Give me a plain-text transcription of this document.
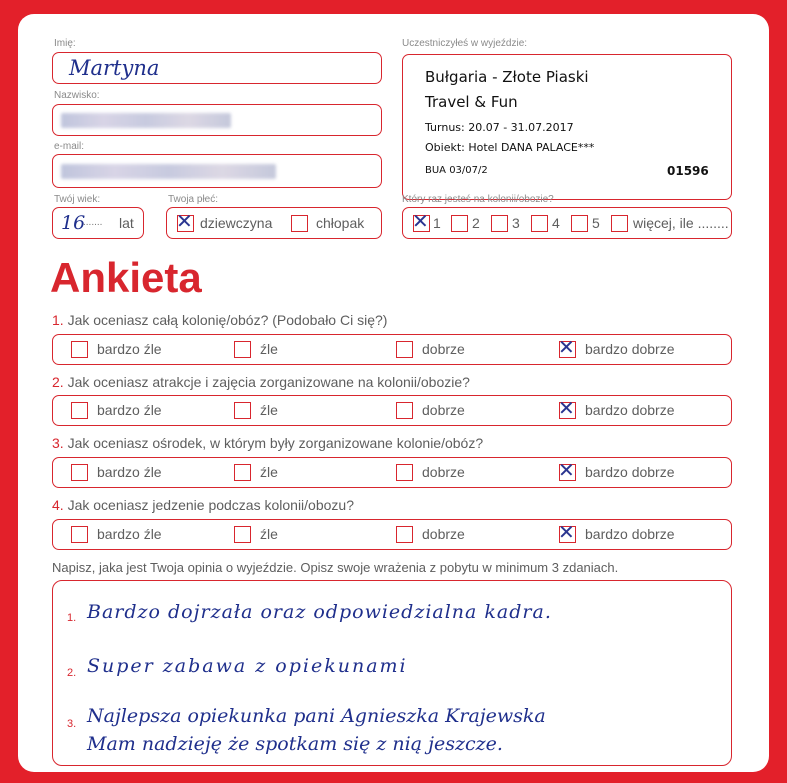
Imię:
Martyna
Nazwisko:
e-mail:
Uczestniczyłeś w wyjeździe:
Bułgaria - Złote Piaski
Travel & Fun
Turnus: 20.07 - 31.07.2017
Obiekt: Hotel DANA PALACE***
BUA 03/07/2	01596
Twój wiek:
16
....... lat
Twoja płeć:
✕ dziewczyna	chłopak
Który raz jesteś na kolonii/obozie?
✕ 1 2 3 4 5 więcej, ile ........
Ankieta
1. Jak oceniasz całą kolonię/obóz? (Podobało Ci się?)
bardzo źle	źle	dobrze	✕ bardzo dobrze
2. Jak oceniasz atrakcje i zajęcia zorganizowane na kolonii/obozie?
bardzo źle	źle	dobrze	✕ bardzo dobrze
3. Jak oceniasz ośrodek, w którym były zorganizowane kolonie/obóz?
bardzo źle	źle	dobrze	✕ bardzo dobrze
4. Jak oceniasz jedzenie podczas kolonii/obozu?
bardzo źle	źle	dobrze	✕ bardzo dobrze
Napisz, jaka jest Twoja opinia o wyjeździe. Opisz swoje wrażenia z pobytu w minimum 3 zdaniach.
1. Bardzo dojrzała oraz odpowiedzialna kadra.
2. Super zabawa z opiekunami
3. Najlepsza opiekunka pani Agnieszka Krajewska
Mam nadzieję że spotkam się z nią jeszcze.
